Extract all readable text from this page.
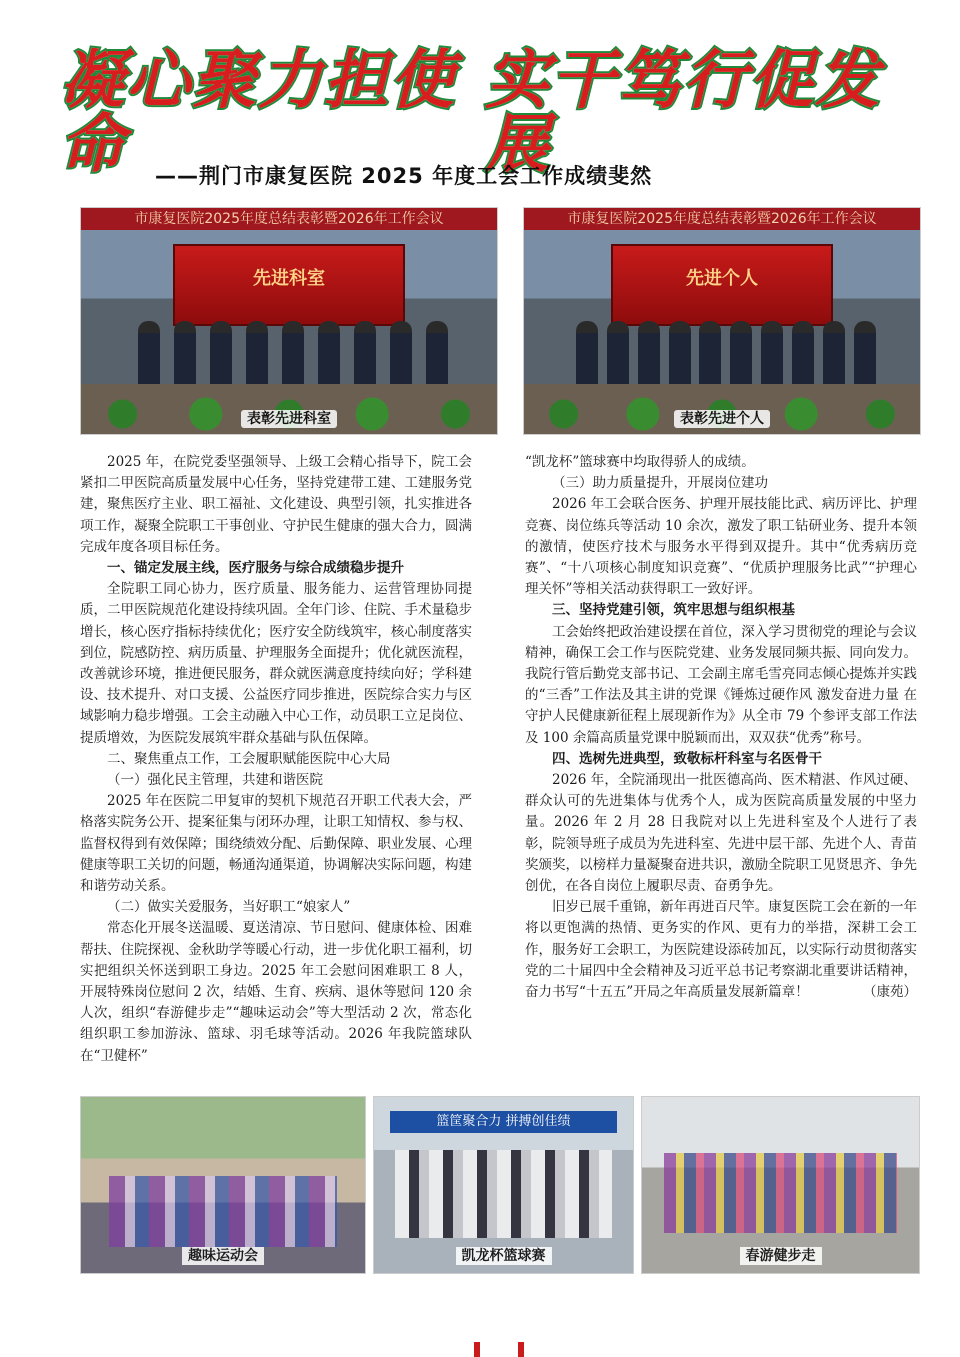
凝心聚力担使命
实干笃行促发展
——荆门市康复医院 2025 年度工会工作成绩斐然
市康复医院2025年度总结表彰暨2026年工作会议
先进科室
表彰先进科室
市康复医院2025年度总结表彰暨2026年工作会议
先进个人
表彰先进个人

2025 年，在院党委坚强领导、上级工会精心指导下，院工会紧扣二甲医院高质量发展中心任务，坚持党建带工建、工建服务党建，聚焦医疗主业、职工福祉、文化建设、典型引领，扎实推进各项工作，凝聚全院职工干事创业、守护民生健康的强大合力，圆满完成年度各项目标任务。

一、锚定发展主线，医疗服务与综合成绩稳步提升

全院职工同心协力，医疗质量、服务能力、运营管理协同提质，二甲医院规范化建设持续巩固。全年门诊、住院、手术量稳步增长，核心医疗指标持续优化；医疗安全防线筑牢，核心制度落实到位，院感防控、病历质量、护理服务全面提升；优化就医流程，改善就诊环境，推进便民服务，群众就医满意度持续向好；学科建设、技术提升、对口支援、公益医疗同步推进，医院综合实力与区域影响力稳步增强。工会主动融入中心工作，动员职工立足岗位、提质增效，为医院发展筑牢群众基础与队伍保障。

二、聚焦重点工作，工会履职赋能医院中心大局

（一）强化民主管理，共建和谐医院

2025 年在医院二甲复审的契机下规范召开职工代表大会，严格落实院务公开、提案征集与闭环办理，让职工知情权、参与权、监督权得到有效保障；围绕绩效分配、后勤保障、职业发展、心理健康等职工关切的问题，畅通沟通渠道，协调解决实际问题，构建和谐劳动关系。

（二）做实关爱服务，当好职工“娘家人”

常态化开展冬送温暖、夏送清凉、节日慰问、健康体检、困难帮扶、住院探视、金秋助学等暖心行动，进一步优化职工福利，切实把组织关怀送到职工身边。2025 年工会慰问困难职工 8 人，开展特殊岗位慰问 2 次，结婚、生育、疾病、退休等慰问 120 余人次，组织“春游健步走”“趣味运动会”等大型活动 2 次，常态化组织职工参加游泳、篮球、羽毛球等活动。2026 年我院篮球队在“卫健杯”

“凯龙杯”篮球赛中均取得骄人的成绩。

（三）助力质量提升，开展岗位建功

2026 年工会联合医务、护理开展技能比武、病历评比、护理竞赛、岗位练兵等活动 10 余次，激发了职工钻研业务、提升本领的激情，使医疗技术与服务水平得到双提升。其中“优秀病历竞赛”、“十八项核心制度知识竞赛”、“优质护理服务比武”“护理心理关怀”等相关活动获得职工一致好评。

三、坚持党建引领，筑牢思想与组织根基

工会始终把政治建设摆在首位，深入学习贯彻党的理论与会议精神，确保工会工作与医院党建、业务发展同频共振、同向发力。我院行管后勤党支部书记、工会副主席毛雪亮同志倾心提炼并实践的“三香”工作法及其主讲的党课《锤炼过硬作风 激发奋进力量 在守护人民健康新征程上展现新作为》从全市 79 个参评支部工作法及 100 余篇高质量党课中脱颖而出，双双获“优秀”称号。

四、选树先进典型，致敬标杆科室与名医骨干

2026 年，全院涌现出一批医德高尚、医术精湛、作风过硬、群众认可的先进集体与优秀个人，成为医院高质量发展的中坚力量。2026 年 2 月 28 日我院对以上先进科室及个人进行了表彰，院领导班子成员为先进科室、先进中层干部、先进个人、青苗奖颁奖，以榜样力量凝聚奋进共识，激励全院职工见贤思齐、争先创优，在各自岗位上履职尽责、奋勇争先。

旧岁已展千重锦，新年再进百尺竿。康复医院工会在新的一年将以更饱满的热情、更务实的作风、更有力的举措，深耕工会工作，服务好工会职工，为医院建设添砖加瓦，以实际行动贯彻落实党的二十届四中全会精神及习近平总书记考察湖北重要讲话精神，奋力书写“十五五”开局之年高质量发展新篇章！	（康苑）

趣味运动会
篮筐聚合力 拼搏创佳绩
凯龙杯篮球赛	春游健步走
